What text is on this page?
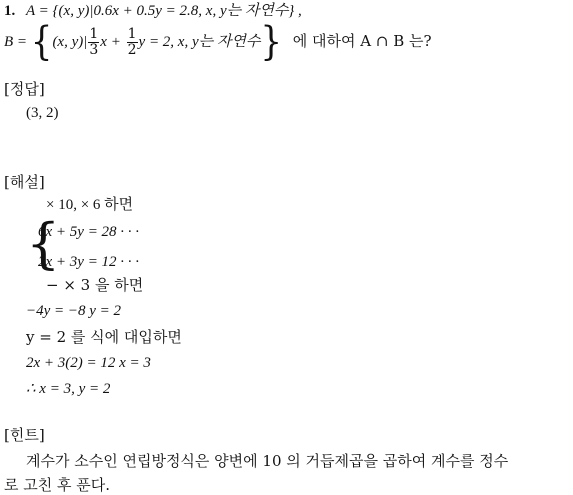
1. A = {(x, y)|0.6x + 0.5y = 2.8, x, y는 자연수} ,
B = {(x, $y)| \frac{1}{3}$ $x + \frac{1}{2}$ y = 2, x, y는 자연수} 에 대하여 A ∩ B 는?
[정답]
(3, 2)
[해설]
× 10, × 6 하면
{
6x + 5y = 28 · · ·
2x + 3y = 12 · · ·
− × 3 을 하면
−4y = −8 y = 2
y = 2 를 식에 대입하면
2x + 3(2) = 12 x = 3
∴ x = 3, y = 2
[힌트]
계수가 소수인 연립방정식은 양변에 10 의 거듭제곱을 곱하여 계수를 정수
로 고친 후 푼다.
